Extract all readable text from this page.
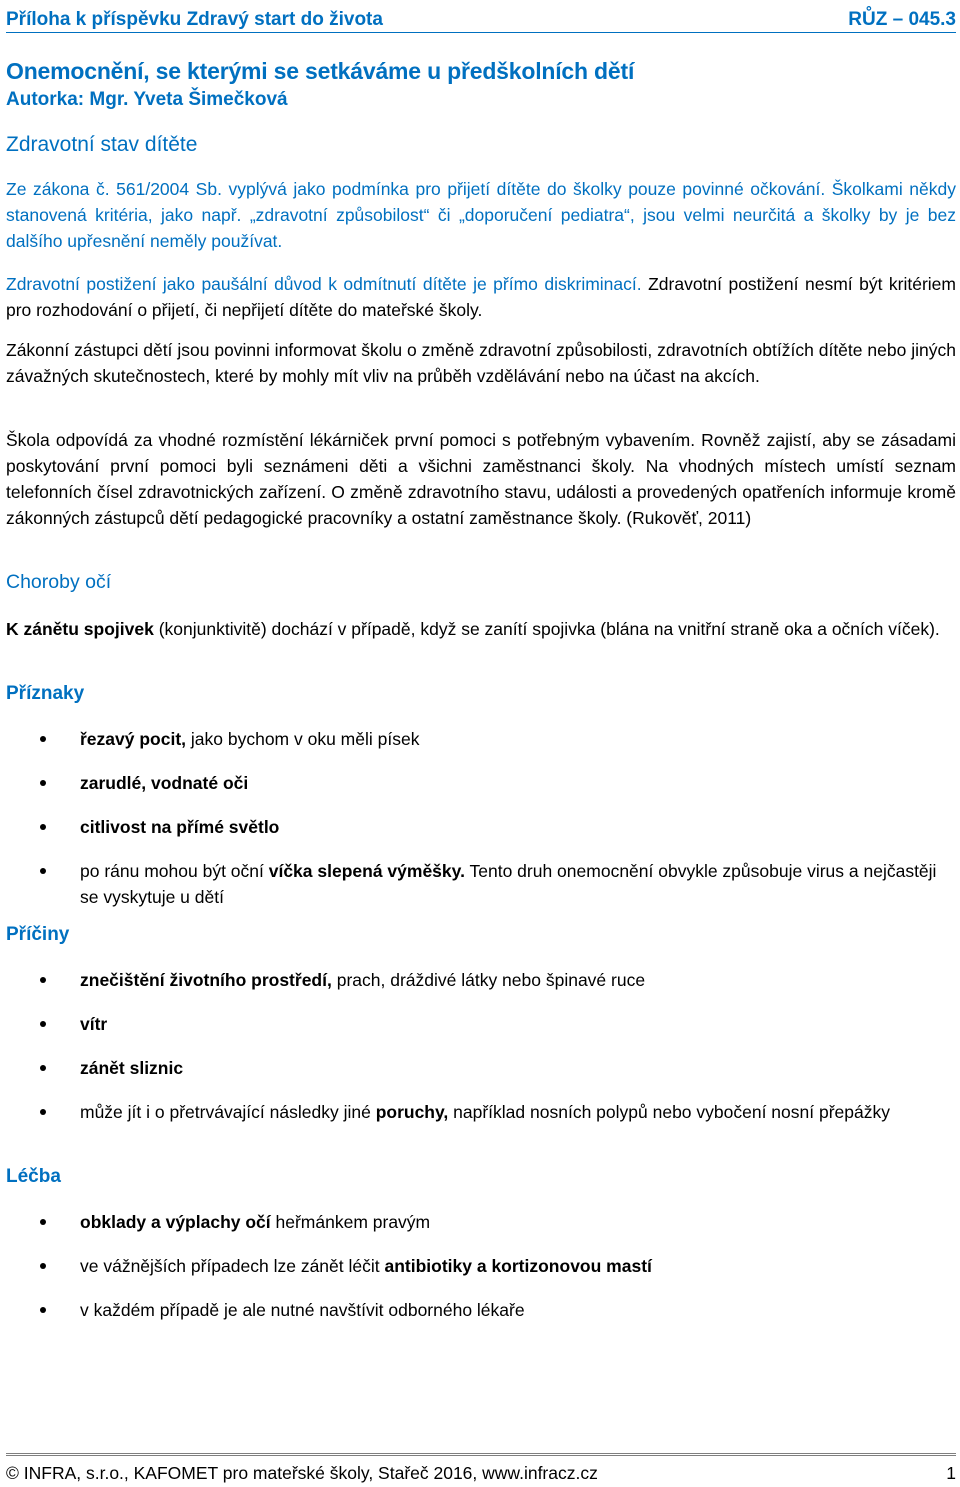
Příloha k příspěvku Zdravý start do života	RŮZ – 045.3
Onemocnění, se kterými se setkáváme u předškolních dětí
Autorka: Mgr. Yveta Šimečková
Zdravotní stav dítěte
Ze zákona č. 561/2004 Sb. vyplývá jako podmínka pro přijetí dítěte do školky pouze povinné očkování. Školkami někdy stanovená kritéria, jako např. „zdravotní způsobilost“ či „doporučení pediatra“, jsou velmi neurčitá a školky by je bez dalšího upřesnění neměly používat.
Zdravotní postižení jako paušální důvod k odmítnutí dítěte je přímo diskriminací. Zdravotní postižení nesmí být kritériem pro rozhodování o přijetí, či nepřijetí dítěte do mateřské školy.
Zákonní zástupci dětí jsou povinni informovat školu o změně zdravotní způsobilosti, zdravotních obtížích dítěte nebo jiných závažných skutečnostech, které by mohly mít vliv na průběh vzdělávání nebo na účast na akcích.
Škola odpovídá za vhodné rozmístění lékárniček první pomoci s potřebným vybavením. Rovněž zajistí, aby se zásadami poskytování první pomoci byli seznámeni děti a všichni zaměstnanci školy. Na vhodných místech umístí seznam telefonních čísel zdravotnických zařízení. O změně zdravotního stavu, události a provedených opatřeních informuje kromě zákonných zástupců dětí pedagogické pracovníky a ostatní zaměstnance školy. (Rukověť, 2011)
Choroby očí
K zánětu spojivek (konjunktivitě) dochází v případě, když se zanítí spojivka (blána na vnitřní straně oka a očních víček).
Příznaky
řezavý pocit, jako bychom v oku měli písek
zarudlé, vodnaté oči
citlivost na přímé světlo
po ránu mohou být oční víčka slepená výměšky. Tento druh onemocnění obvykle způsobuje virus a nejčastěji se vyskytuje u dětí
Příčiny
znečištění životního prostředí, prach, dráždivé látky nebo špinavé ruce
vítr
zánět sliznic
může jít i o přetrvávající následky jiné poruchy, například nosních polypů nebo vybočení nosní přepážky
Léčba
obklady a výplachy očí heřmánkem pravým
ve vážnějších případech lze zánět léčit antibiotiky a kortizonovou mastí
v každém případě je ale nutné navštívit odborného lékaře
© INFRA, s.r.o., KAFOMET pro mateřské školy, Stařeč 2016, www.infracz.cz	1
